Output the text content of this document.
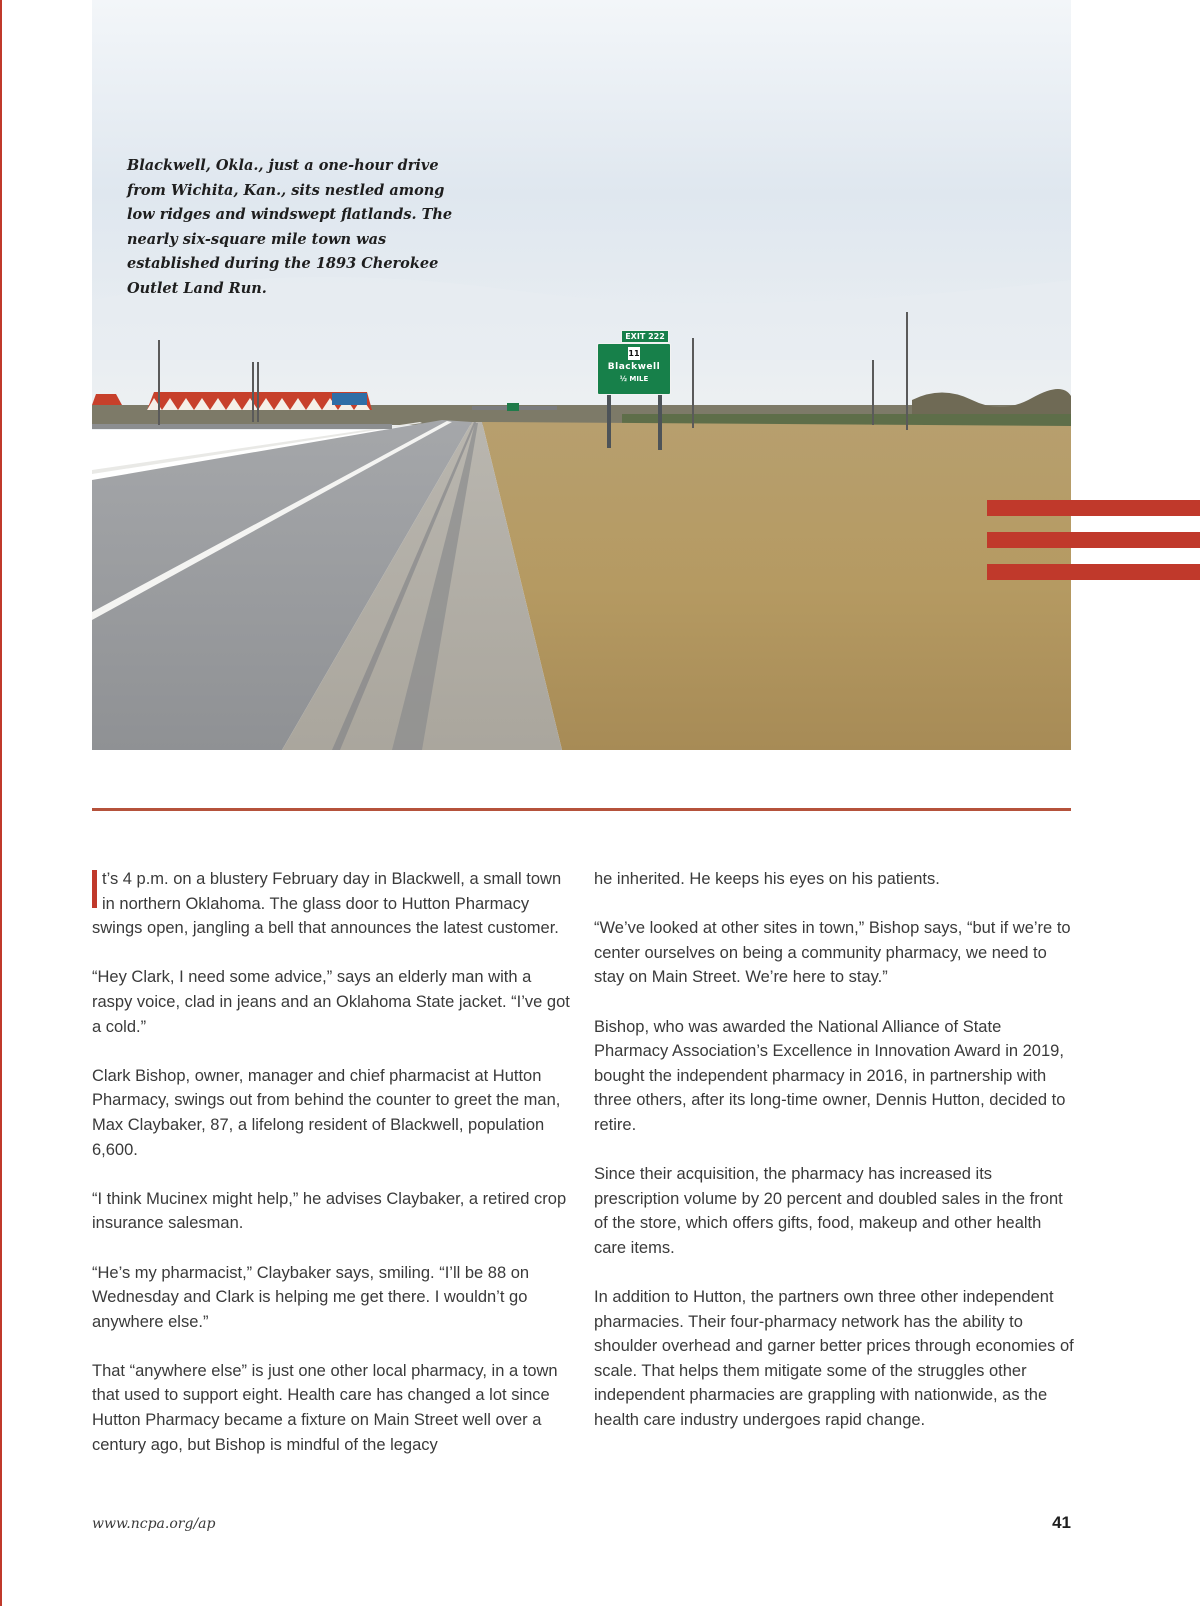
EXIT 222
11
Blackwell
½ MILE

Blackwell, Okla., just a one-hour drive from Wichita, Kan., sits nestled among low ridges and windswept flatlands. The nearly six-square mile town was established during the 1893 Cherokee Outlet Land Run.

t’s 4 p.m. on a blustery February day in Blackwell, a small town in northern Oklahoma. The glass door to Hutton Pharmacy swings open, jangling a bell that announces the latest customer.

“Hey Clark, I need some advice,” says an elderly man with a raspy voice, clad in jeans and an Oklahoma State jacket. “I’ve got a cold.”

Clark Bishop, owner, manager and chief pharmacist at Hutton Pharmacy, swings out from behind the counter to greet the man, Max Claybaker, 87, a lifelong resident of Blackwell, population 6,600.

“I think Mucinex might help,” he advises Claybaker, a retired crop insurance salesman.

“He’s my pharmacist,” Claybaker says, smiling. “I’ll be 88 on Wednesday and Clark is helping me get there. I wouldn’t go anywhere else.”

That “anywhere else” is just one other local pharmacy, in a town that used to support eight. Health care has changed a lot since Hutton Pharmacy became a fixture on Main Street well over a century ago, but Bishop is mindful of the legacy

he inherited. He keeps his eyes on his patients.

“We’ve looked at other sites in town,” Bishop says, “but if we’re to center ourselves on being a community pharmacy, we need to stay on Main Street. We’re here to stay.”

Bishop, who was awarded the National Alliance of State Pharmacy Association’s Excellence in Innovation Award in 2019, bought the independent pharmacy in 2016, in partnership with three others, after its long-time owner, Dennis Hutton, decided to retire.

Since their acquisition, the pharmacy has increased its prescription volume by 20 percent and doubled sales in the front of the store, which offers gifts, food, makeup and other health care items.

In addition to Hutton, the partners own three other independent pharmacies. Their four-pharmacy network has the ability to shoulder overhead and garner better prices through economies of scale. That helps them mitigate some of the struggles other independent pharmacies are grappling with nationwide, as the health care industry undergoes rapid change.

www.ncpa.org/ap	41
